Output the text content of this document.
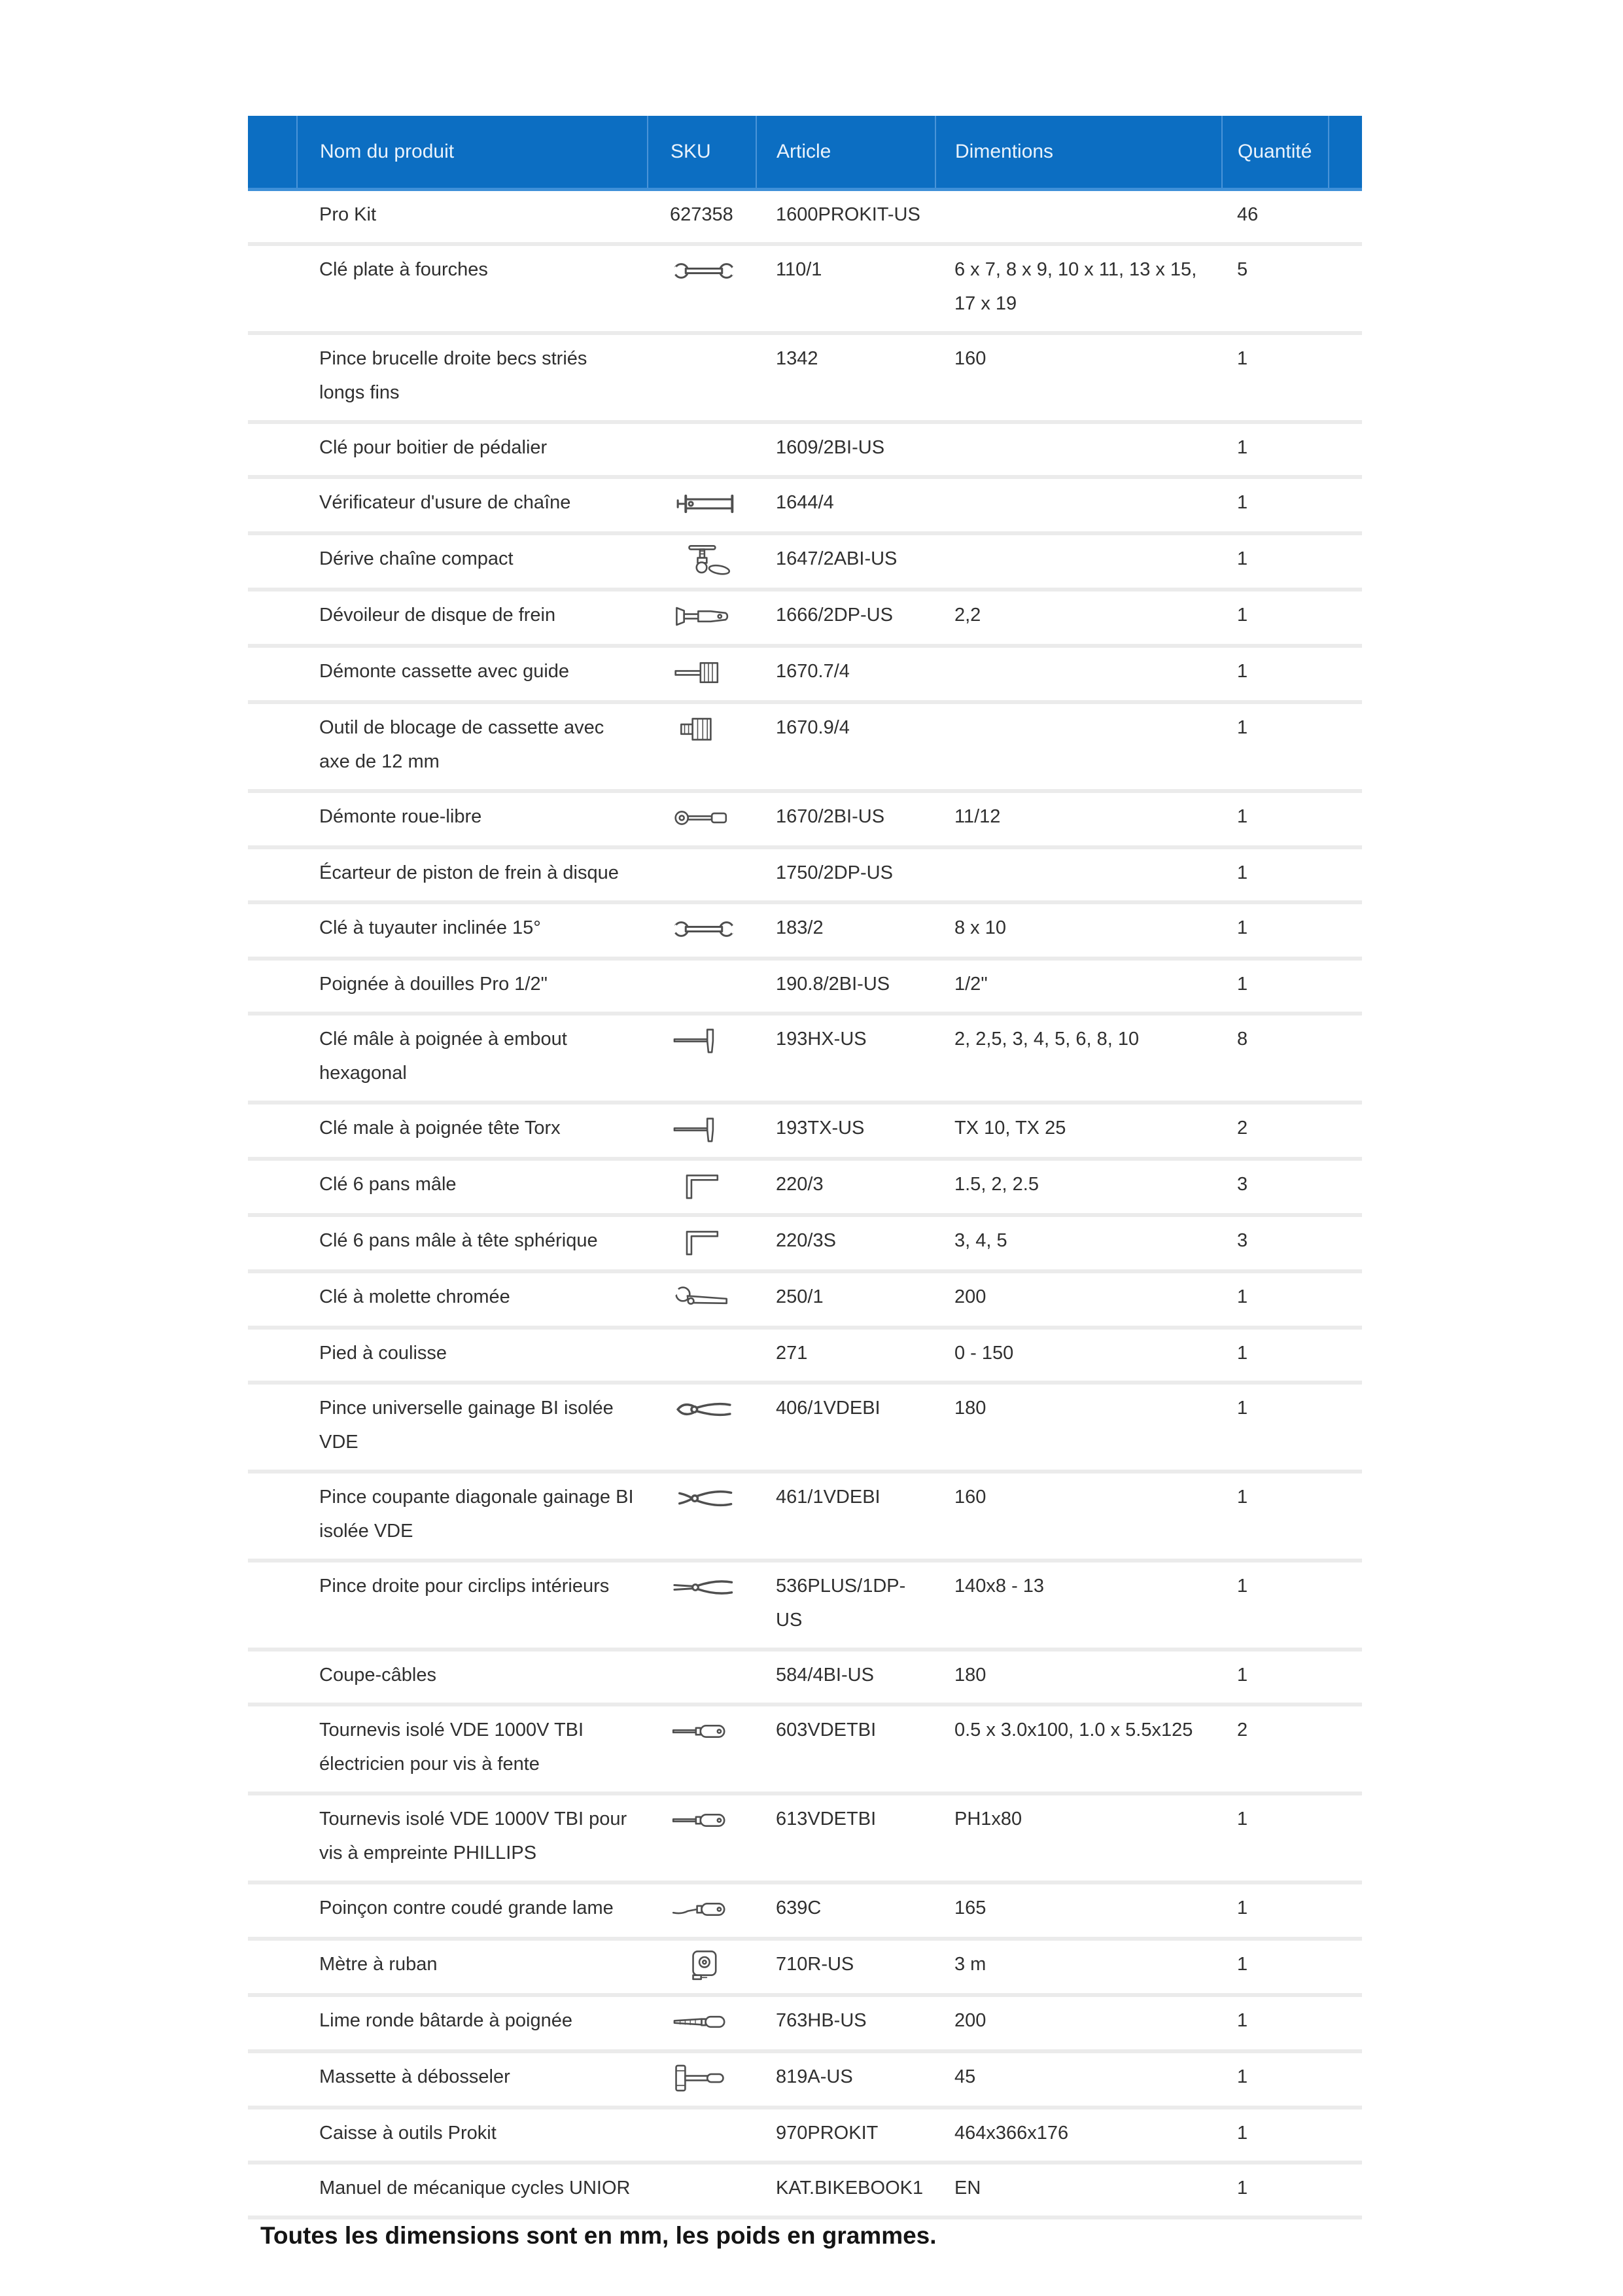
	Nom du produit	SKU	Article	Dimentions	Quantité	
	Pro Kit	627358	1600PROKIT-US		46	
	Clé plate à fourches		110/1	6 x 7, 8 x 9, 10 x 11, 13 x 15, 17 x 19	5	
	Pince brucelle droite becs striés longs fins		1342	160	1	
	Clé pour boitier de pédalier		1609/2BI-US		1	
	Vérificateur d'usure de chaîne		1644/4		1	
	Dérive chaîne compact		1647/2ABI-US		1	
	Dévoileur de disque de frein		1666/2DP-US	2,2	1	
	Démonte cassette avec guide		1670.7/4		1	
	Outil de blocage de cassette avec axe de 12 mm		1670.9/4		1	
	Démonte roue-libre		1670/2BI-US	11/12	1	
	Écarteur de piston de frein à disque		1750/2DP-US		1	
	Clé à tuyauter inclinée 15°		183/2	8 x 10	1	
	Poignée à douilles Pro 1/2"		190.8/2BI-US	1/2"	1	
	Clé mâle à poignée à embout hexagonal		193HX-US	2, 2,5, 3, 4, 5, 6, 8, 10	8	
	Clé male à poignée tête Torx		193TX-US	TX 10, TX 25	2	
	Clé 6 pans mâle		220/3	1.5, 2, 2.5	3	
	Clé 6 pans mâle à tête sphérique		220/3S	3, 4, 5	3	
	Clé à molette chromée		250/1	200	1	
	Pied à coulisse		271	0 - 150	1	
	Pince universelle gainage BI isolée VDE		406/1VDEBI	180	1	
	Pince coupante diagonale gainage BI isolée VDE		461/1VDEBI	160	1	
	Pince droite pour circlips intérieurs		536PLUS/1DP-US	140x8 - 13	1	
	Coupe-câbles		584/4BI-US	180	1	
	Tournevis isolé VDE 1000V TBI électricien pour vis à fente		603VDETBI	0.5 x 3.0x100, 1.0 x 5.5x125	2	
	Tournevis isolé VDE 1000V TBI pour vis à empreinte PHILLIPS		613VDETBI	PH1x80	1	
	Poinçon contre coudé grande lame		639C	165	1	
	Mètre à ruban		710R-US	3 m	1	
	Lime ronde bâtarde à poignée		763HB-US	200	1	
	Massette à débosseler		819A-US	45	1	
	Caisse à outils Prokit		970PROKIT	464x366x176	1	
	Manuel de mécanique cycles UNIOR		KAT.BIKEBOOK1	EN	1	
Toutes les dimensions sont en mm, les poids en grammes.
